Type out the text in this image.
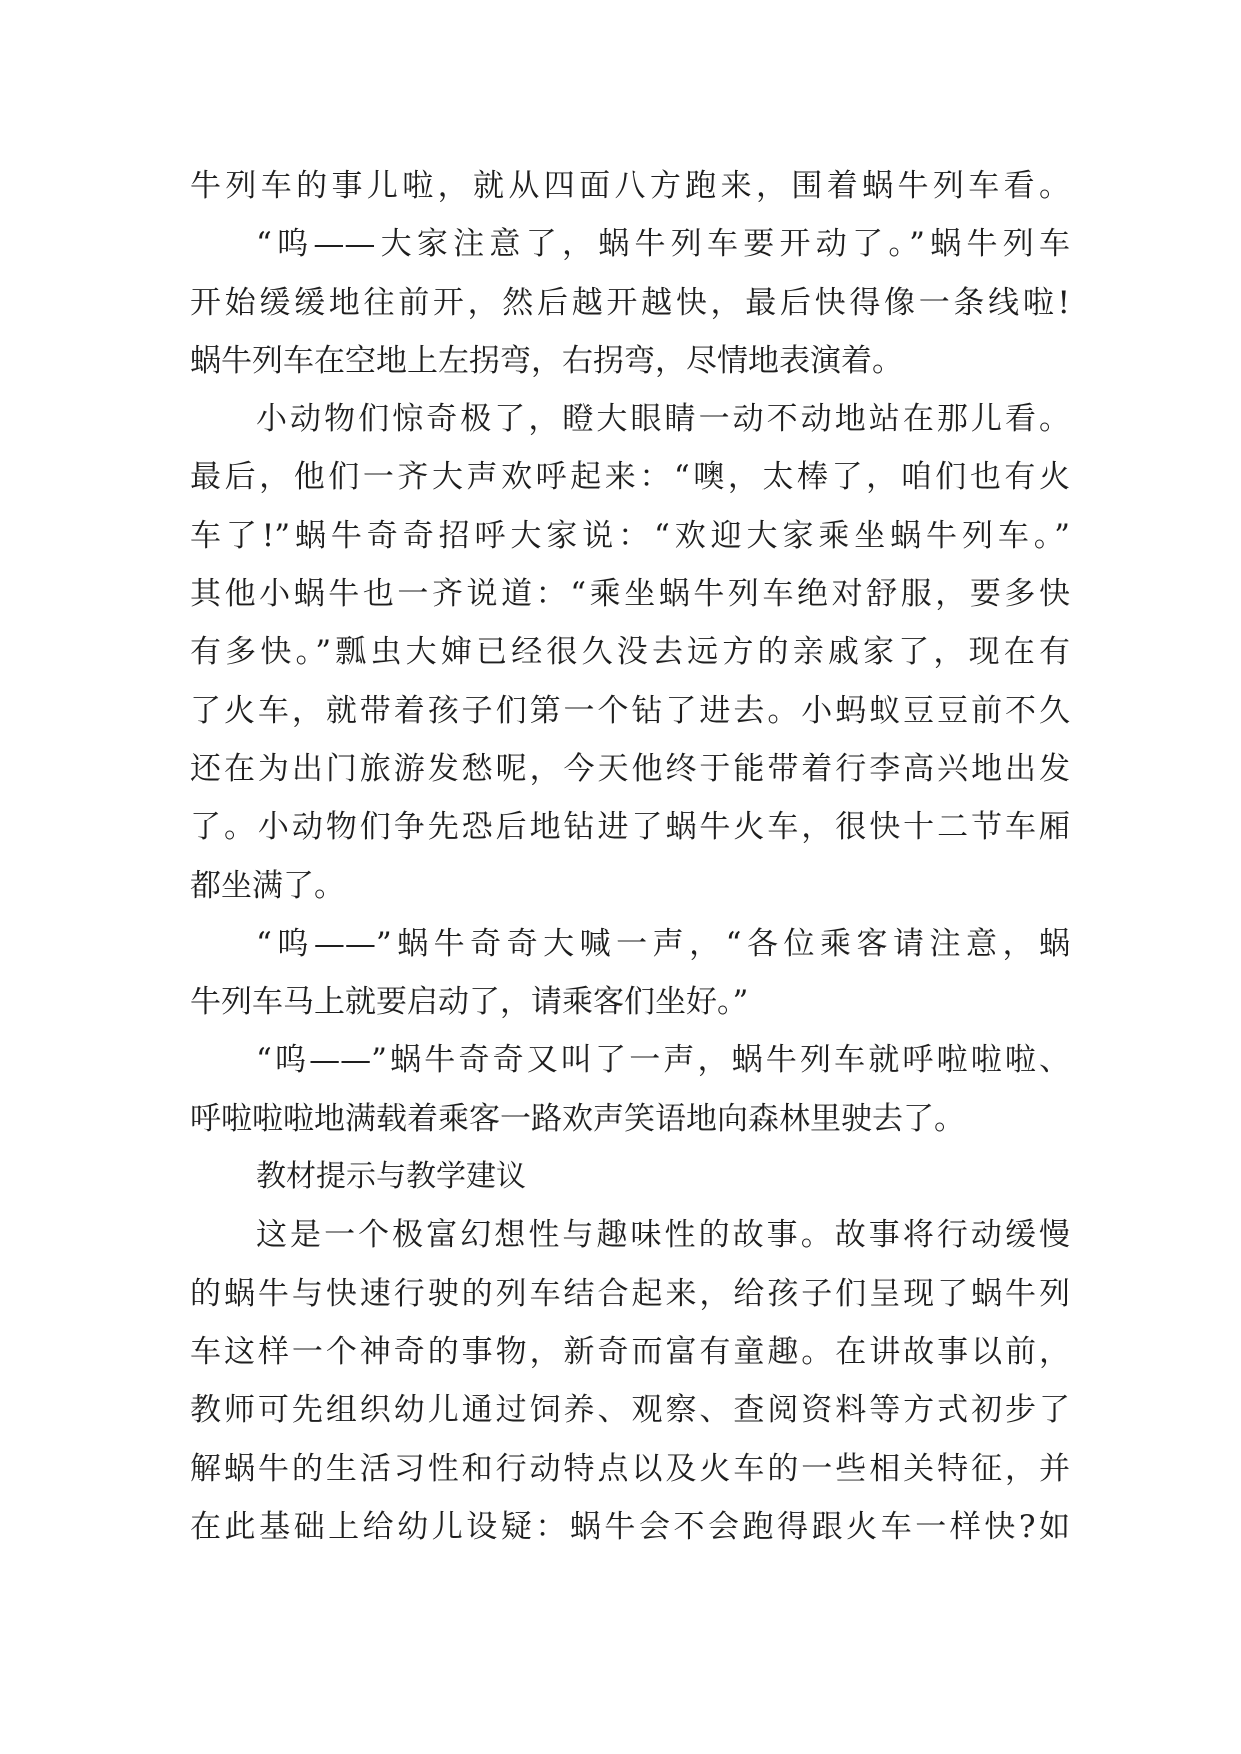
牛列车的事儿啦，就从四面八方跑来，围着蜗牛列车看。
“呜——大家注意了，蜗牛列车要开动了。”蜗牛列车
开始缓缓地往前开，然后越开越快，最后快得像一条线啦!
蜗牛列车在空地上左拐弯，右拐弯，尽情地表演着。
小动物们惊奇极了，瞪大眼睛一动不动地站在那儿看。
最后，他们一齐大声欢呼起来：“噢，太棒了，咱们也有火
车了!”蜗牛奇奇招呼大家说：“欢迎大家乘坐蜗牛列车。”
其他小蜗牛也一齐说道：“乘坐蜗牛列车绝对舒服，要多快
有多快。”瓢虫大婶已经很久没去远方的亲戚家了，现在有
了火车，就带着孩子们第一个钻了进去。小蚂蚁豆豆前不久
还在为出门旅游发愁呢，今天他终于能带着行李高兴地出发
了。小动物们争先恐后地钻进了蜗牛火车，很快十二节车厢
都坐满了。
“呜——”蜗牛奇奇大喊一声，“各位乘客请注意，蜗
牛列车马上就要启动了，请乘客们坐好。”
“呜——”蜗牛奇奇又叫了一声，蜗牛列车就呼啦啦啦、
呼啦啦啦地满载着乘客一路欢声笑语地向森林里驶去了。
教材提示与教学建议
这是一个极富幻想性与趣味性的故事。故事将行动缓慢
的蜗牛与快速行驶的列车结合起来，给孩子们呈现了蜗牛列
车这样一个神奇的事物，新奇而富有童趣。在讲故事以前，
教师可先组织幼儿通过饲养、观察、查阅资料等方式初步了
解蜗牛的生活习性和行动特点以及火车的一些相关特征，并
在此基础上给幼儿设疑：蜗牛会不会跑得跟火车一样快?如
